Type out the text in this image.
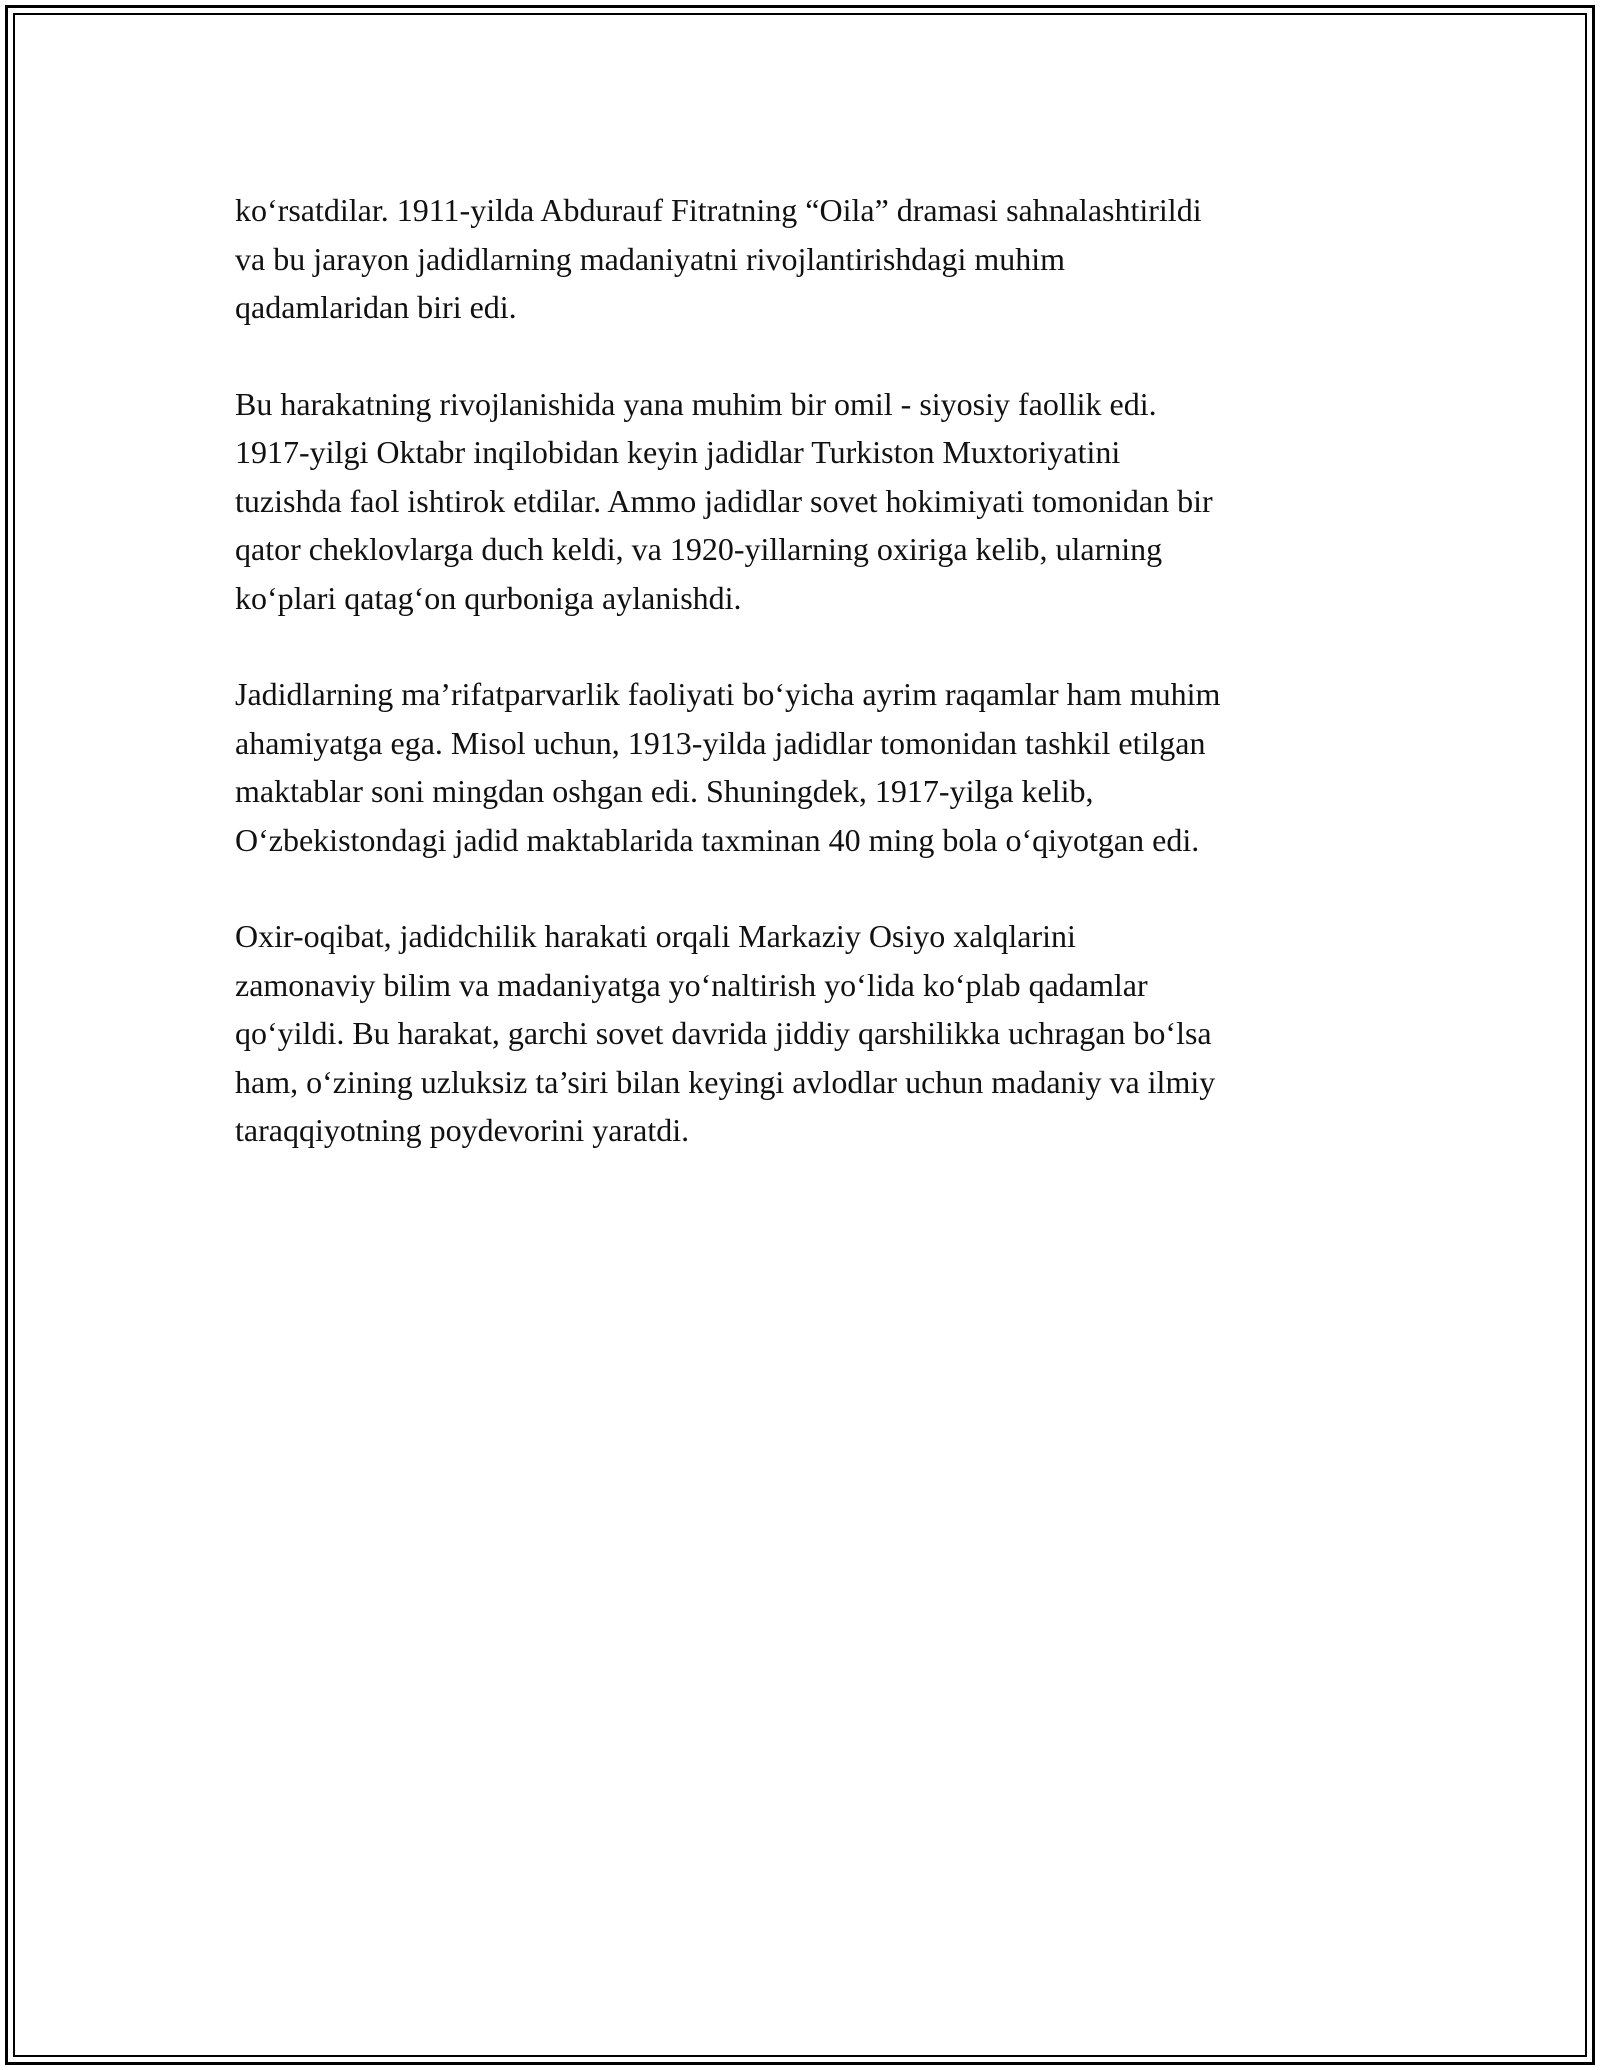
ko‘rsatdilar. 1911-yilda Abdurauf Fitratning “Oila” dramasi sahnalashtirildi
va bu jarayon jadidlarning madaniyatni rivojlantirishdagi muhim
qadamlaridan biri edi.

Bu harakatning rivojlanishida yana muhim bir omil - siyosiy faollik edi.
1917-yilgi Oktabr inqilobidan keyin jadidlar Turkiston Muxtoriyatini
tuzishda faol ishtirok etdilar. Ammo jadidlar sovet hokimiyati tomonidan bir
qator cheklovlarga duch keldi, va 1920-yillarning oxiriga kelib, ularning
ko‘plari qatag‘on qurboniga aylanishdi.

Jadidlarning ma’rifatparvarlik faoliyati bo‘yicha ayrim raqamlar ham muhim
ahamiyatga ega. Misol uchun, 1913-yilda jadidlar tomonidan tashkil etilgan
maktablar soni mingdan oshgan edi. Shuningdek, 1917-yilga kelib,
O‘zbekistondagi jadid maktablarida taxminan 40 ming bola o‘qiyotgan edi.

Oxir-oqibat, jadidchilik harakati orqali Markaziy Osiyo xalqlarini
zamonaviy bilim va madaniyatga yo‘naltirish yo‘lida ko‘plab qadamlar
qo‘yildi. Bu harakat, garchi sovet davrida jiddiy qarshilikka uchragan bo‘lsa
ham, o‘zining uzluksiz ta’siri bilan keyingi avlodlar uchun madaniy va ilmiy
taraqqiyotning poydevorini yaratdi.
